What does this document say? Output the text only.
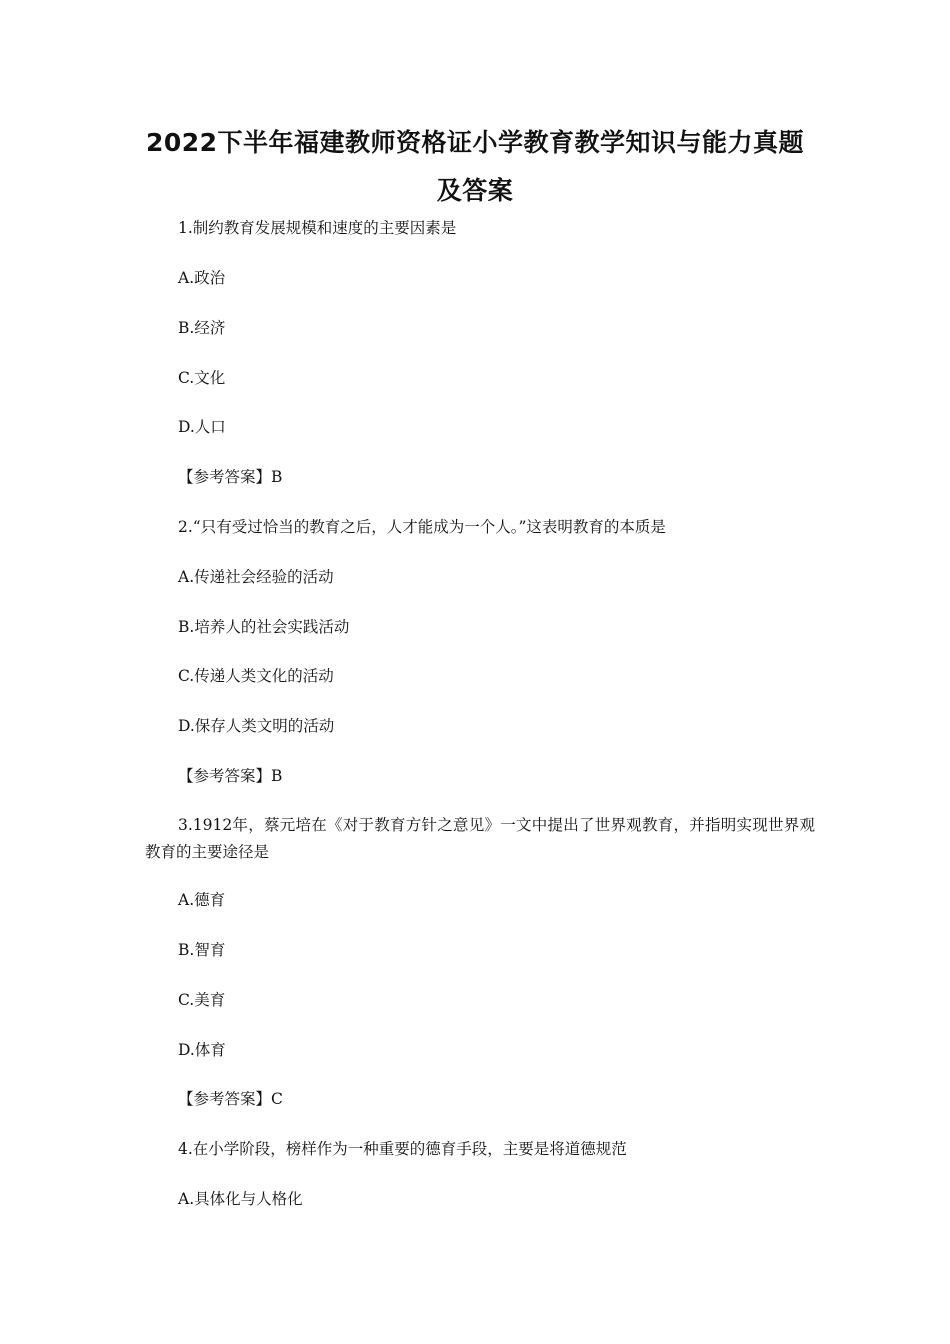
2022下半年福建教师资格证小学教育教学知识与能力真题
及答案

1.制约教育发展规模和速度的主要因素是

A.政治

B.经济

C.文化

D.人口

【参考答案】B

2.“只有受过恰当的教育之后，人才能成为一个人。”这表明教育的本质是

A.传递社会经验的活动

B.培养人的社会实践活动

C.传递人类文化的活动

D.保存人类文明的活动

【参考答案】B

3.1912年，蔡元培在《对于教育方针之意见》一文中提出了世界观教育，并指明实现世界观教育的主要途径是

A.德育

B.智育

C.美育

D.体育

【参考答案】C

4.在小学阶段，榜样作为一种重要的德育手段，主要是将道德规范

A.具体化与人格化
